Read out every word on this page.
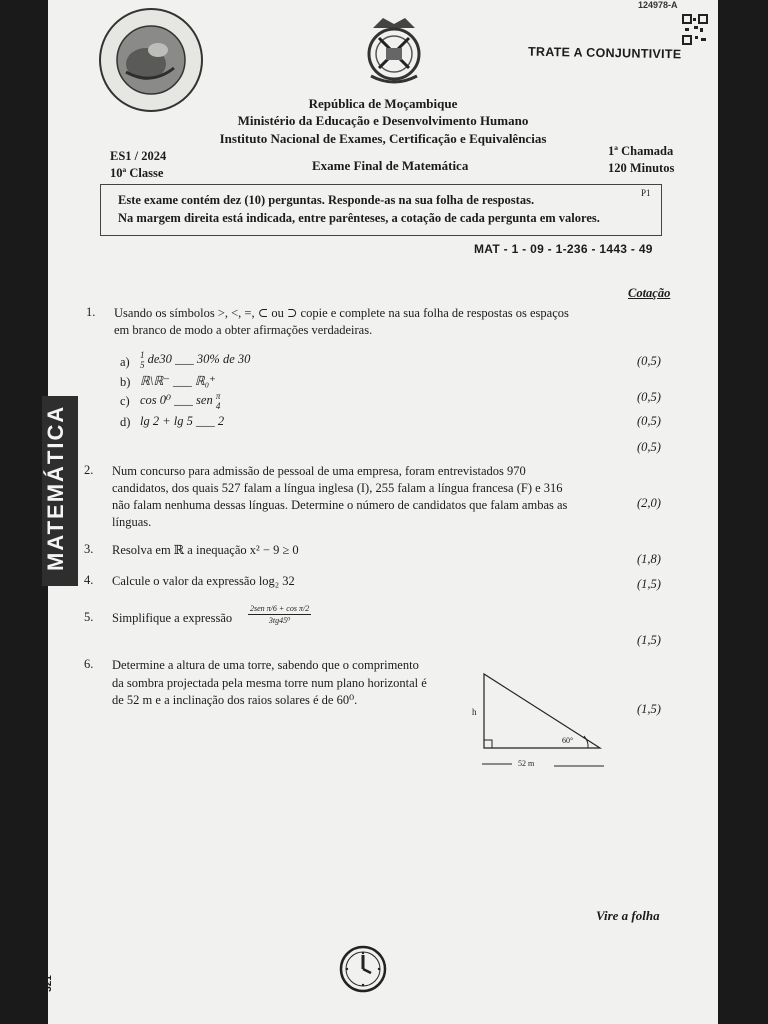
124978-A
TRATE A CONJUNTIVITE
República de Moçambique
Ministério da Educação e Desenvolvimento Humano
Instituto Nacional de Exames, Certificação e Equivalências
ES1 / 2024
10ª Classe	Exame Final de Matemática
1ª Chamada
120 Minutos
Este exame contém dez (10) perguntas. Responde-as na sua folha de respostas.
Na margem direita está indicada, entre parênteses, a cotação de cada pergunta em valores.
P1
MAT - 1 - 09 - 1-236 - 1443 - 49
Cotação
1. Usando os símbolos >, <, =, ⊂ ou ⊃ copie e complete na sua folha de respostas os espaços
em branco de modo a obter afirmações verdadeiras.
a) 1
5 de30 ___ 30% de 30
b) ℝ\ℝ⁻ ___ ℝ₀⁺
c) cos 0⁰ ___ sen π
4
d) lg 2 + lg 5 ___ 2
(0,5)
(0,5)
(0,5)
(0,5)
2. Num concurso para admissão de pessoal de uma empresa, foram entrevistados 970
candidatos, dos quais 527 falam a língua inglesa (I), 255 falam a língua francesa (F) e 316
não falam nenhuma dessas línguas. Determine o número de candidatos que falam ambas as
línguas.
(2,0)
3. Resolva em ℝ a inequação x² − 9 ≥ 0
(1,8)
4. Calcule o valor da expressão log₂ 32	(1,5)
5. Simplifique a expressão
2sen π/6 + cos π/2
3tg45⁰
(1,5)
6. Determine a altura de uma torre, sabendo que o comprimento
da sombra projectada pela mesma torre num plano horizontal é
de 52 m e a inclinação dos raios solares é de 60⁰.
(1,5)
h
60°
52 m
MATEMÁTICA
321
Vire a folha
